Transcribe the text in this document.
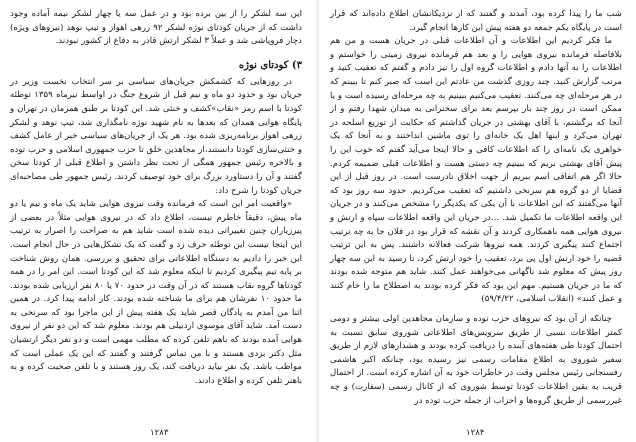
این سه لشکر را از بین برده بود و در عمل سه یا چهار لشکر نیمه آماده وجود داشت که از جریان کودتای نوژه لشکر ۹۲ زرهی اهواز و تیپ نوهد (نیروهای ویژه) دچار فروپاشی شد و عملاً ۳ لشکر ارتش قادر به دفاع از کشور نبودند.

۳) کودتای نوژه

در روزهایی که کشمکش جریان‌های سیاسی بر سر انتخاب نخست وزیر در جریان بود و حدود دو ماه و نیم قبل از شروع جنگ در اواسط تیرماه ۱۳۵۹ توطئه کودتا با اسم رمز «نقاب»کشف و خنثی شد. این کودتا بر طبق همزمان در تهران و پایگاه هوایی همدان که بعدها به نام شهید نوژه نامگذاری شد، تیپ نوهد و لشکر زرهی اهواز برنامه‌ریزی شده بود. هر یک از جریان‌های سیاسی خبر از عامل کشف و خنثی‌سازی کودتا دانستند،از مجاهدین خلق تا حزب جمهوری اسلامی و حزب توده و بالاخره رئیس جمهور همگی از تحت نظر داشتن و اطلاع قبلی از کودتا سخن گفتند و آن را دستاورد بزرگ برای خود توصیف کردند. رئیس جمهور طی مصاحبه‌ای جریان کودتا را شرح داد:

«واقعیت امر این است که فرمانده وقت نیروی هوایی شاید یک ماه و نیم یا دو ماه پیش، دقیقاً خاطرم نیست، اطلاع داد که در نیروی هوایی مثلاً در بعضی از پیرزیاران چنین تغییراتی دیده شده است شاید هم به صراحت را اصرار به ترتیب این اینجا نیست این توطئه حرف زد و گفت که یک تشکل‌هایی در حال انجام است. این خبر را دادیم به دستگاه اطلاعاتی برای تحقیق و بررسی. همان روش شناخت بر پایه تیم پیگیری کردیم تا اینکه معلوم شد که این کودتا است. این امر را در همه کودتاها گروه نقاب هستند که در آن وقت در حدود ۷۰ یا ۸۰ نفر ارزیابی شده بودند. ما حدود ۱۰ نفرشان هم برای ما شناخته شده بودند. کار ادامه پیدا کرد. در همین اثنا من آمدم به پادگان قصر شاید یک هفته پیش از این ماجرا بود که سرنخی به دست آمد. شاید آقای موسوی اردبیلی هم بودند. معلوم شد که این دو نفر از نیروی هوایی آمده بودند که باهم تلفن کرده که مطلب مهمی است و دو نفر دیگر ارتشیان مثل دکتر بزدی هستند و با من تماس گرفتند و گفتند که این یک عملی است که مواظب باشد. یک نفر بیاید دریافت کند، یک روز هستند و با تلفن صحبت کرده و به باهنر تلفن کرده و اطلاع دادند.

شب ما را پیدا کرده بود، آمدند و گفتند که از نزدیکانشان اطلاع داده‌اند که قرار است در پایگاه یکم جمعه دو هفته پیش این کارها انجام گیرد.

ما فکر کردیم این اطلاعات و آن اطلاعات قبلی در جریان هست و من هم بلافاصله فرمانده نیروی هوایی را و بعد هم فرمانده نیروی زمینی را خواستم و اطلاعات را به آنها دادم و اطلاعات گروه اول را نیز دادم و گفتم که تعقیب کنید و مرتب گزارش کنید. چند روزی گذشت من عادتم این است که صبر کنم تا ببینم که در هر مرحله‌ای چه می‌کنند. تعقیب می‌کنیم ببینیم به چه مرحله‌ای رسیده است و یا ممکن است در روز چند بار بپرسم بعد برای سخنرانی به میدان شهدا رفتم و از آنجا که برگشتم، با آقای بهشتی در جریان گذاشتم که حکایت از توزیع اسلحه در تهران می‌کرد و اینها اهل یک خانه‌ای را توی ماشین انداختند و به آنجا که یک خواهری یک نامه‌ای را که اطلاعات کافی و حالا اینجا می‌آید گفتم که خوب این را پیش آقای بهشتی بریم که ببینیم چه دستی هست و اطلاعات قبلی ضمیمه کردم. حالا اگر هم اتفاقی اسم ببریم از جهت اخلاق نادرست است. در روز قبل از این قضایا از دو گروه هم سرنخی داشتیم که تعقیب می‌کردیم. حدود سه روز بود که آنها می‌گفتند که این اطلاعات با آن یکی که یکدیگر را مشخص می‌کنند و در جریان این واقعه اطلاعات ما تکمیل شد. ...در جریان این واقعه اطلاعات سپاه و ارتش و نیروی هوایی همه باهمکاری کردند و آن نقشه که قرار بود در فلان جا به چه ترتیب اجتماع کنند پیگیری کردند. همه نیروها شرکت فعالانه داشتند. پس به این ترتیب قضیه را خود ارتش اول پی برد، تعقیب را خود ارتش کرد، تا رسید به این سه چهار روز پیش که معلوم شد ناگهانی می‌خواهند عمل کنند. شاید هم متوجه شده بودند که ما در جریان هستیم. مهم این بود که فکر کرده بودند به اصطلاح ما را خام کنند و عمل کنند» (انقلاب اسلامی، ۵۹/۴/۲۲)

چنانکه از آن بود که نیروهای حزب توده و سازمان مجاهدین اولی بیشتر و دومی کمتر اطلاعات نسبی از طریق سرویس‌های اطلاعاتی شوروی سابق نسبت به احتمال کودتا طی هفته‌های آینده را دریافت کرده بودند و هشدارهای لازم از طریق سفیر شوروی به اطلاع مقامات رسمی نیز رسیده بود، چنانکه اکبر هاشمی رفسنجانی رئیس مجلس وقت در خاطرات خود به آن اشاره کرده است. از احتمال قریب به یقین اطلاعات کودتا توسط شوروی که از کانال رسمی (سفارت) و چه غیررسمی از طریق گروه‌ها و احزاب از جمله حزب توده در

۱۲۸۳	۱۲۸۴
